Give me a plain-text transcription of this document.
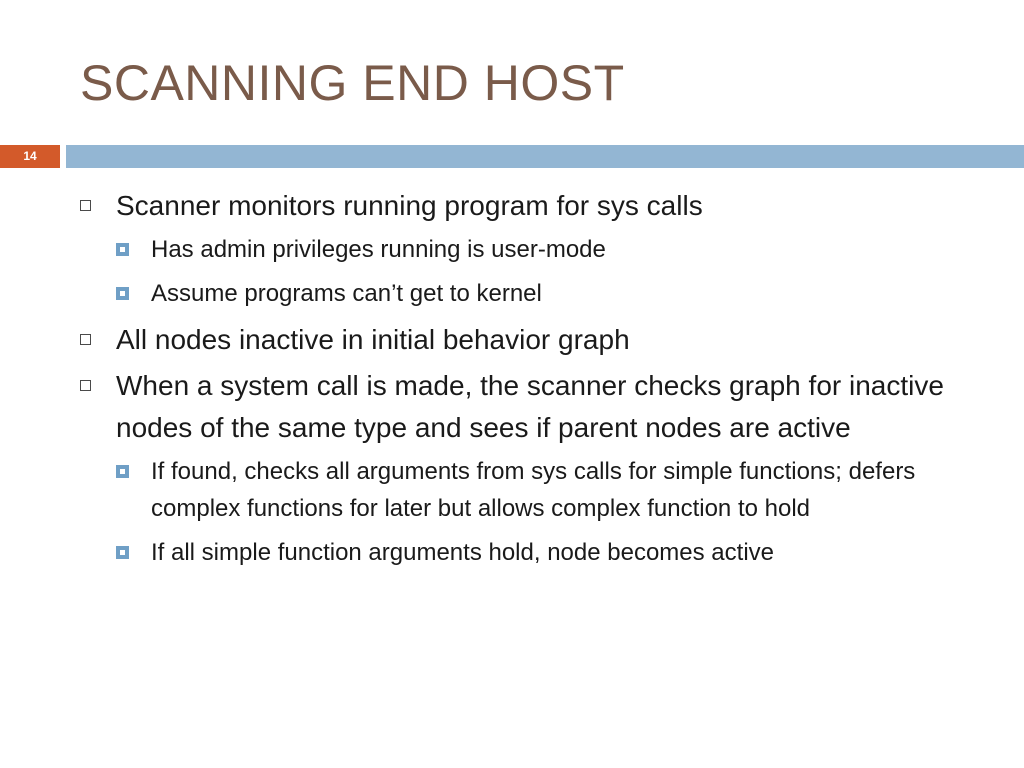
SCANNING END HOST
14
Scanner monitors running program for sys calls
Has admin privileges running is user-mode
Assume programs can’t get to kernel
All nodes inactive in initial behavior graph
When a system call is made, the scanner checks graph for inactive nodes of the same type and sees if parent nodes are active
If found, checks all arguments from sys calls for simple functions; defers complex functions for later but allows complex function to hold
If all simple function arguments hold, node becomes active
